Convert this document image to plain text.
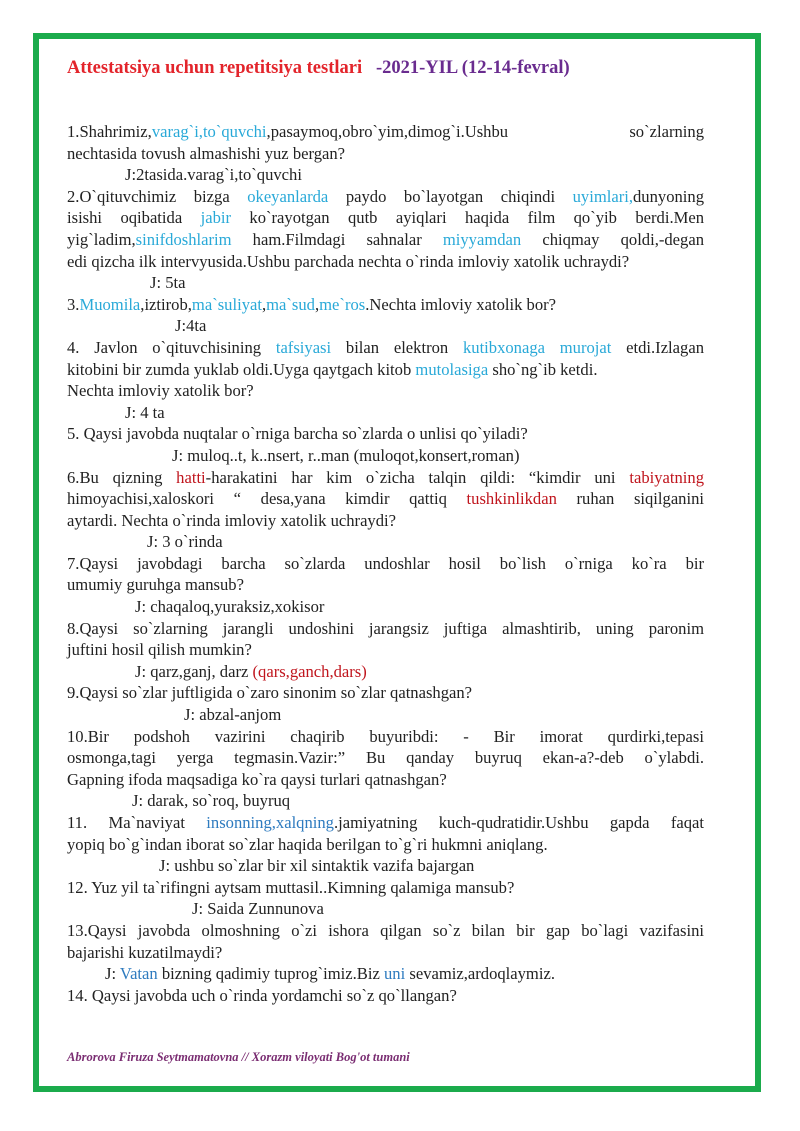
Attestatsiya uchun repetitsiya testlari -2021-YIL (12-14-fevral)
1.Shahrimiz,varag`i,to`quvchi,pasaymoq,obro`yim,dimog`i.Ushbu	so`zlarning
nechtasida tovush almashishi yuz bergan?
J:2tasida.varag`i,to`quvchi
2.O`qituvchimiz bizga okeyanlarda paydo bo`layotgan chiqindi uyimlari,dunyoning
isishi oqibatida jabir ko`rayotgan qutb ayiqlari haqida film qo`yib berdi.Men
yig`ladim,sinifdoshlarim ham.Filmdagi sahnalar miyyamdan chiqmay qoldi,-degan
edi qizcha ilk intervyusida.Ushbu parchada nechta o`rinda imloviy xatolik uchraydi?
J: 5ta
3.Muomila,iztirob,ma`suliyat,ma`sud,me`ros.Nechta imloviy xatolik bor?
J:4ta
4. Javlon o`qituvchisining tafsiyasi bilan elektron kutibxonaga murojat etdi.Izlagan
kitobini bir zumda yuklab oldi.Uyga qaytgach kitob mutolasiga sho`ng`ib ketdi.
Nechta imloviy xatolik bor?
J: 4 ta
5. Qaysi javobda nuqtalar o`rniga barcha so`zlarda o unlisi qo`yiladi?
J: muloq..t, k..nsert, r..man (muloqot,konsert,roman)
6.Bu qizning hatti-harakatini har kim o`zicha talqin qildi: “kimdir uni tabiyatning
himoyachisi,xaloskori “ desa,yana kimdir qattiq tushkinlikdan ruhan siqilganini
aytardi. Nechta o`rinda imloviy xatolik uchraydi?
J: 3 o`rinda
7.Qaysi javobdagi barcha so`zlarda undoshlar hosil bo`lish o`rniga ko`ra bir
umumiy guruhga mansub?
J: chaqaloq,yuraksiz,xokisor
8.Qaysi so`zlarning jarangli undoshini jarangsiz juftiga almashtirib, uning paronim
juftini hosil qilish mumkin?
J: qarz,ganj, darz (qars,ganch,dars)
9.Qaysi so`zlar juftligida o`zaro sinonim so`zlar qatnashgan?
J: abzal-anjom
10.Bir podshoh vazirini chaqirib buyuribdi: - Bir imorat qurdirki,tepasi
osmonga,tagi yerga tegmasin.Vazir:” Bu qanday buyruq ekan-a?-deb o`ylabdi.
Gapning ifoda maqsadiga ko`ra qaysi turlari qatnashgan?
J: darak, so`roq, buyruq
11. Ma`naviyat insonning,xalqning.jamiyatning kuch-qudratidir.Ushbu gapda faqat
yopiq bo`g`indan iborat so`zlar haqida berilgan to`g`ri hukmni aniqlang.
J: ushbu so`zlar bir xil sintaktik vazifa bajargan
12. Yuz yil ta`rifingni aytsam muttasil..Kimning qalamiga mansub?
J: Saida Zunnunova
13.Qaysi javobda olmoshning o`zi ishora qilgan so`z bilan bir gap bo`lagi vazifasini
bajarishi kuzatilmaydi?
J: Vatan bizning qadimiy tuprog`imiz.Biz uni sevamiz,ardoqlaymiz.
14. Qaysi javobda uch o`rinda yordamchi so`z qo`llangan?
Abrorova Firuza Seytmamatovna // Xorazm viloyati Bog'ot tumani
